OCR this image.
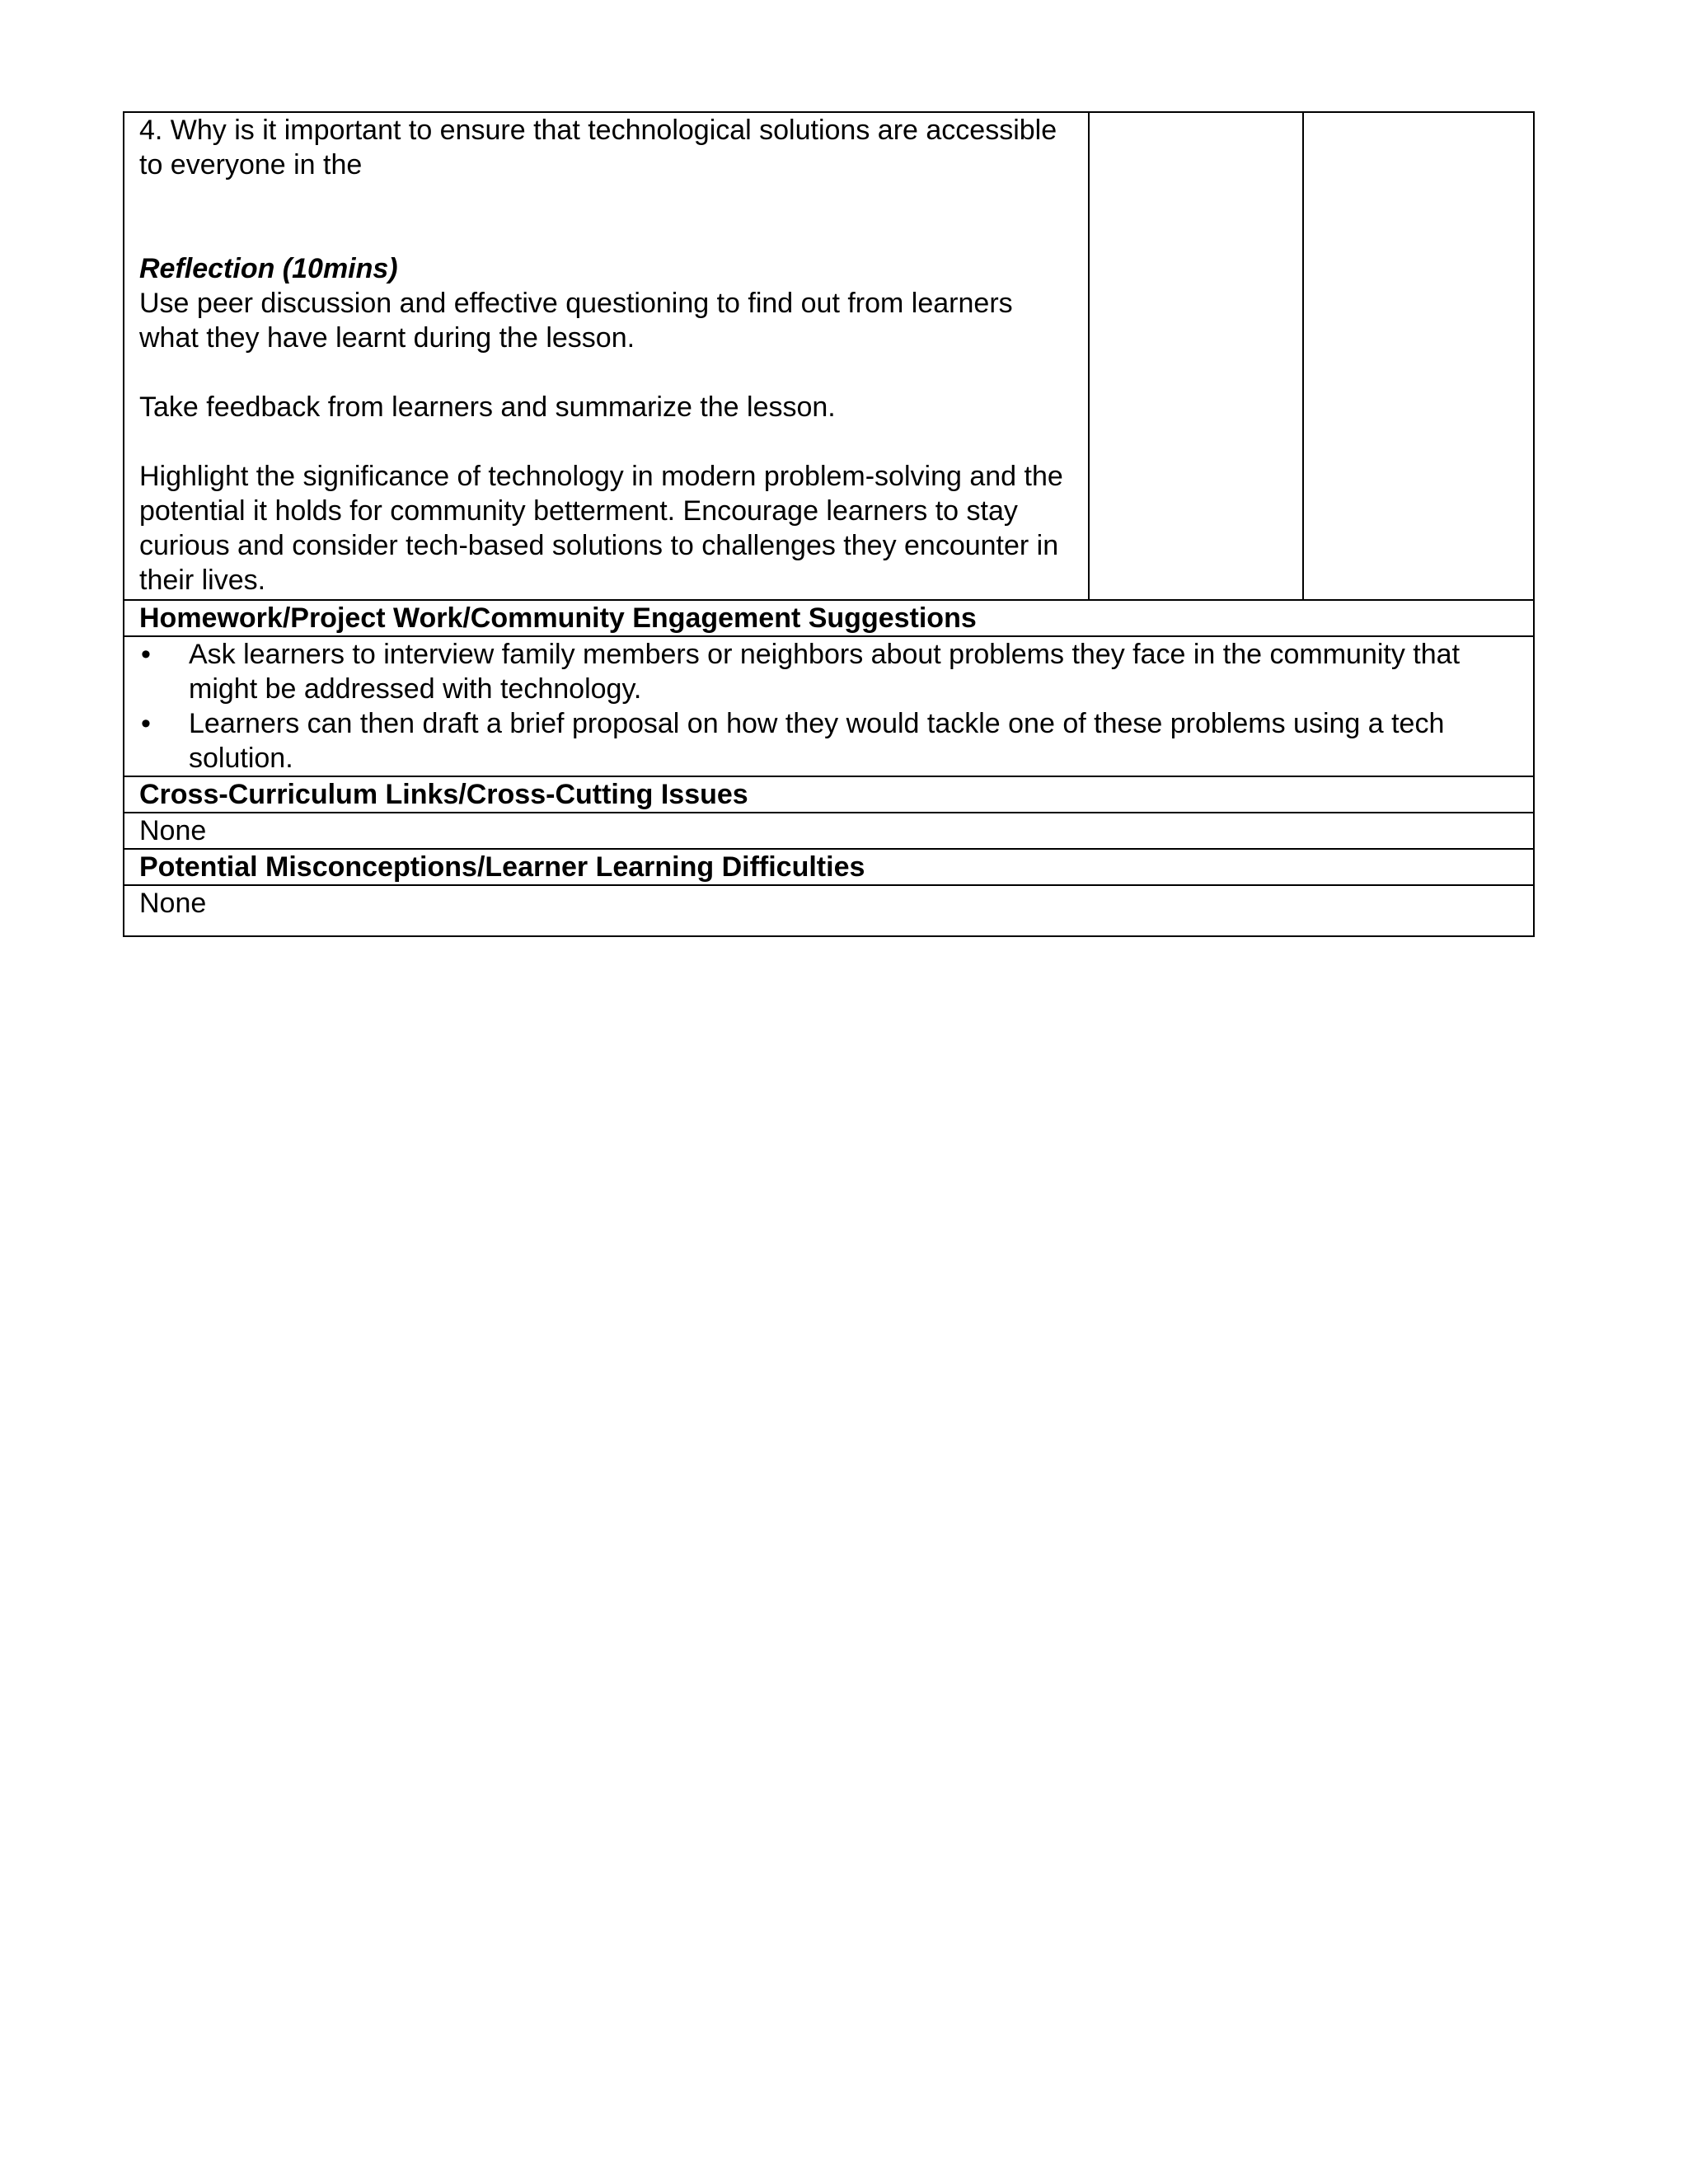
4. Why is it important to ensure that technological solutions are accessible to everyone in the

Reflection (10mins)

Use peer discussion and effective questioning to find out from learners what they have learnt during the lesson.

Take feedback from learners and summarize the lesson.

Highlight the significance of technology in modern problem-solving and the potential it holds for community betterment. Encourage learners to stay curious and consider tech-based solutions to challenges they encounter in their lives.

Homework/Project Work/Community Engagement Suggestions

•	Ask learners to interview family members or neighbors about problems they face in the community that might be addressed with technology.
•	Learners can then draft a brief proposal on how they would tackle one of these problems using a tech solution.

Cross-Curriculum Links/Cross-Cutting Issues
None
Potential Misconceptions/Learner Learning Difficulties
None
